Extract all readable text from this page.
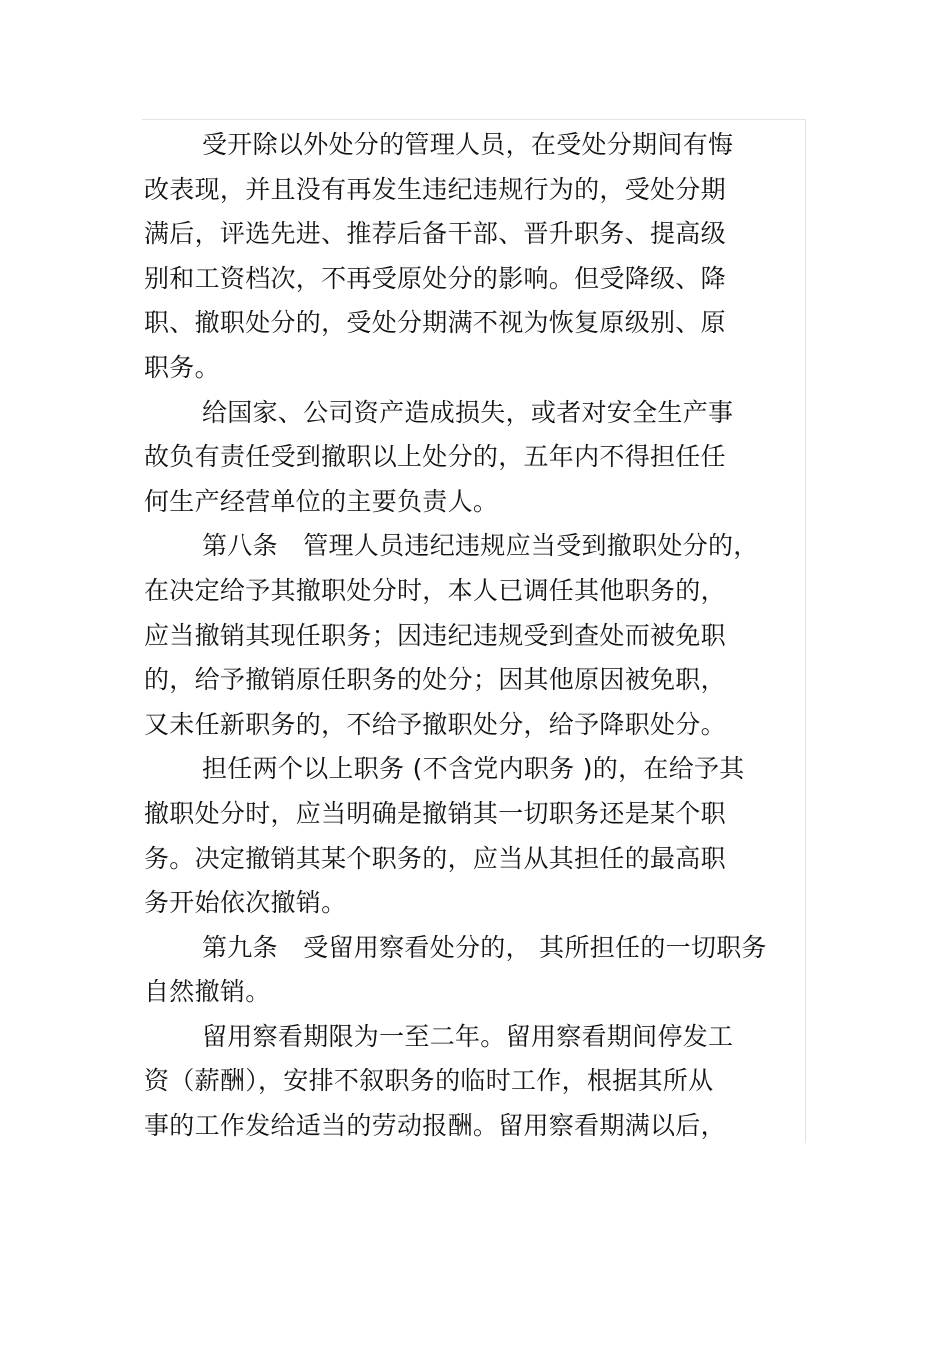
受开除以外处分的管理人员，在受处分期间有悔
改表现，并且没有再发生违纪违规行为的，受处分期
满后，评选先进、推荐后备干部、晋升职务、提高级
别和工资档次，不再受原处分的影响。但受降级、降
职、撤职处分的，受处分期满不视为恢复原级别、原
职务。
给国家、公司资产造成损失，或者对安全生产事
故负有责任受到撤职以上处分的，五年内不得担任任
何生产经营单位的主要负责人。
第八条　管理人员违纪违规应当受到撤职处分的，
在决定给予其撤职处分时，本人已调任其他职务的，
应当撤销其现任职务；因违纪违规受到查处而被免职
的，给予撤销原任职务的处分；因其他原因被免职，
又未任新职务的，不给予撤职处分，给予降职处分。
担任两个以上职务 (不含党内职务 )的，在给予其
撤职处分时，应当明确是撤销其一切职务还是某个职
务。决定撤销其某个职务的，应当从其担任的最高职
务开始依次撤销。
第九条　受留用察看处分的， 其所担任的一切职务
自然撤销。
留用察看期限为一至二年。留用察看期间停发工
资（薪酬），安排不叙职务的临时工作，根据其所从
事的工作发给适当的劳动报酬。留用察看期满以后，
